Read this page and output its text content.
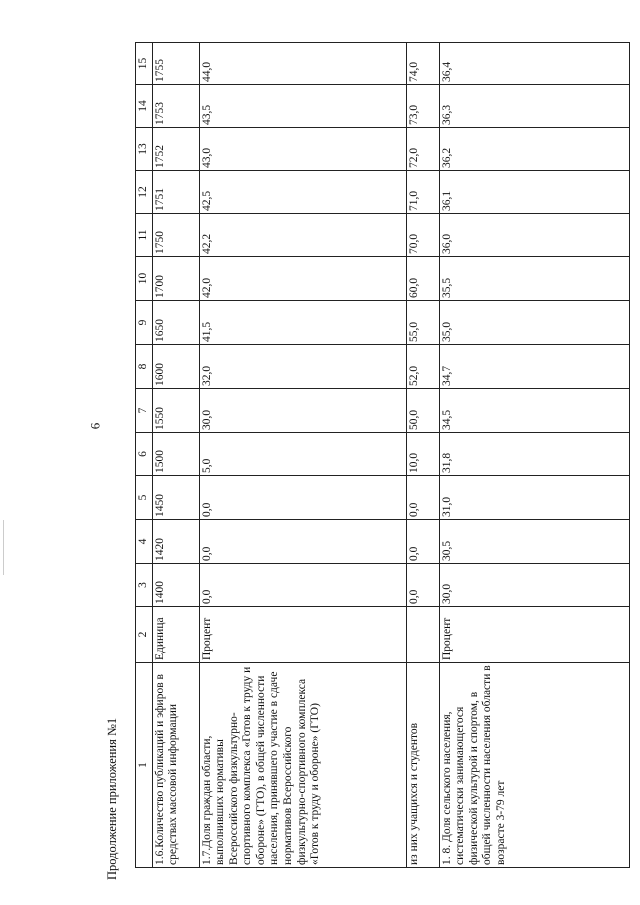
6
Продолжение приложения №1 1	2	3	4	5	6	7	8	9	10	11	12	13	14	15
1.6.Количество публикаций и эфиров в средствах массовой информации	Единица	1400	1420	1450	1500	1550	1600	1650	1700	1750	1751	1752	1753	1755
1.7.Доля граждан области, выполнивших нормативы Всероссийского физкультурно-спортивного комплекса «Готов к труду и обороне» (ГТО), в общей численности населения, принявшего участие в сдаче нормативов Всероссийского физкультурно-спортивного комплекса «Готов к труду и обороне» (ГТО)	Процент	0,0	0,0	0,0	5,0	30,0	32,0	41,5	42,0	42,2	42,5	43,0	43,5	44,0
из них учащихся и студентов		0,0	0,0	0,0	10,0	50,0	52,0	55,0	60,0	70,0	71,0	72,0	73,0	74,0
1. 8. Доля сельского населения, систематически занимающегося физической культурой и спортом, в общей численности населения области в возрасте 3-79 лет	Процент	30,0	30,5	31,0	31,8	34,5	34,7	35,0	35,5	36,0	36,1	36,2	36,3	36,4
